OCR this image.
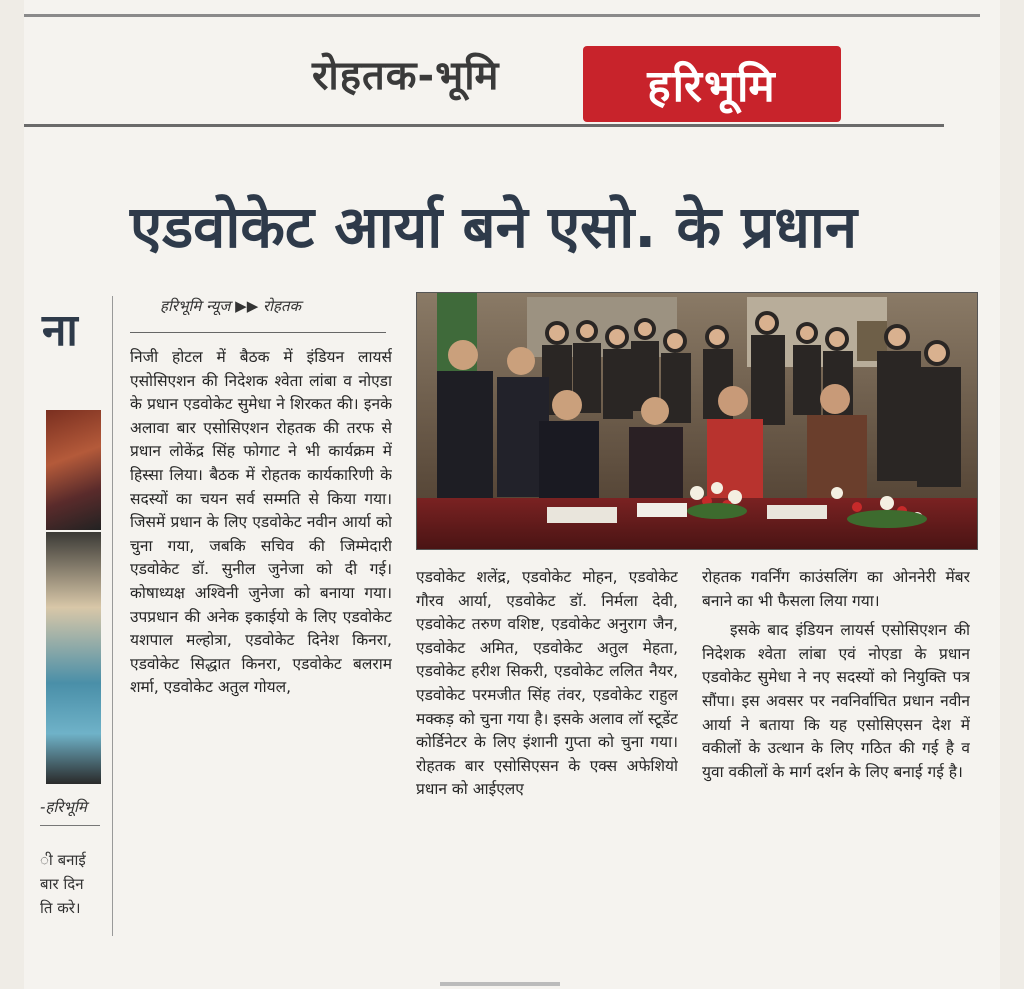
रोहतक-भूमि	हरिभूमि
एडवोकेट आर्या बने एसो. के प्रधान
ना
-हरिभूमि
ी बनाई
बार दिन
ति करे।
हरिभूमि न्यूज ▶▶ रोहतक

निजी होटल में बैठक में इंडियन लायर्स एसोसिएशन की निदेशक श्वेता लांबा व नोएडा के प्रधान एडवोकेट सुमेधा ने शिरकत की। इनके अलावा बार एसोसिएशन रोहतक की तरफ से प्रधान लोकेंद्र सिंह फोगाट ने भी कार्यक्रम में हिस्सा लिया। बैठक में रोहतक कार्यकारिणी के सदस्यों का चयन सर्व सम्मति से किया गया। जिसमें प्रधान के लिए एडवोकेट नवीन आर्या को चुना गया, जबकि सचिव की जिम्मेदारी एडवोकेट डॉ. सुनील जुनेजा को दी गई। कोषाध्यक्ष अश्विनी जुनेजा को बनाया गया। उपप्रधान की अनेक इकाईयो के लिए एडवोकेट यशपाल मल्होत्रा, एडवोकेट दिनेश किनरा, एडवोकेट सिद्धात किनरा, एडवोकेट बलराम शर्मा, एडवोकेट अतुल गोयल,

एडवोकेट शलेंद्र, एडवोकेट मोहन, एडवोकेट गौरव आर्या, एडवोकेट डॉ. निर्मला देवी, एडवोकेट तरुण वशिष्ट, एडवोकेट अनुराग जैन, एडवोकेट अमित, एडवोकेट अतुल मेहता, एडवोकेट हरीश सिकरी, एडवोकेट ललित नैयर, एडवोकेट परमजीत सिंह तंवर, एडवोकेट राहुल मक्कड़ को चुना गया है। इसके अलाव लॉ स्टूडेंट कोर्डिनेटर के लिए इंशानी गुप्ता को चुना गया। रोहतक बार एसोसिएसन के एक्स अफेशियो प्रधान को आईएलए

रोहतक गवर्निंग काउंसलिंग का ओननेरी मेंबर बनाने का भी फैसला लिया गया।

इसके बाद इंडियन लायर्स एसोसिएशन की निदेशक श्वेता लांबा एवं नोएडा के प्रधान एडवोकेट सुमेधा ने नए सदस्यों को नियुक्ति पत्र सौंपा। इस अवसर पर नवनिर्वाचित प्रधान नवीन आर्या ने बताया कि यह एसोसिएसन देश में वकीलों के उत्थान के लिए गठित की गई है व युवा वकीलों के मार्ग दर्शन के लिए बनाई गई है।
